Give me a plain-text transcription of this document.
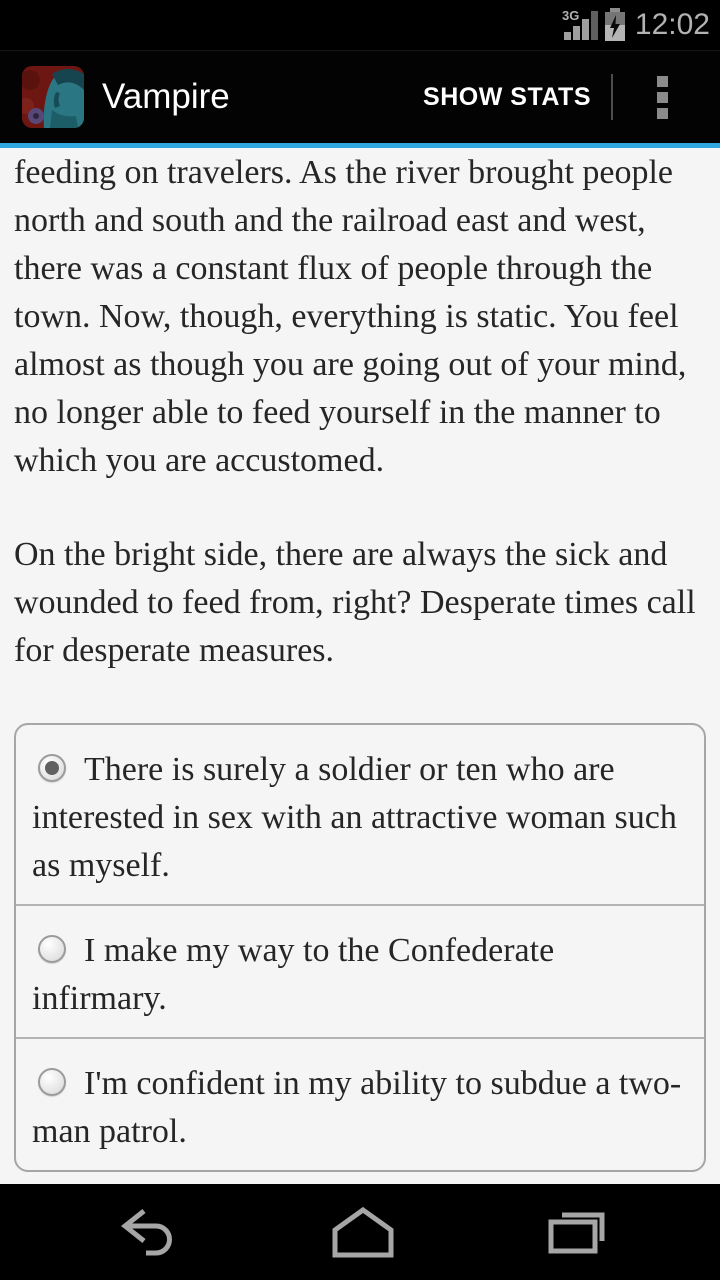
3G 12:02
Vampire	SHOW STATS

feeding on travelers. As the river brought people north and south and the railroad east and west, there was a constant flux of people through the town. Now, though, everything is static. You feel almost as though you are going out of your mind, no longer able to feed yourself in the manner to which you are accustomed.

On the bright side, there are always the sick and wounded to feed from, right? Desperate times call for desperate measures.

There is surely a soldier or ten who are interested in sex with an attractive woman such as myself.
I make my way to the Confederate infirmary.
I'm confident in my ability to subdue a two-man patrol.
